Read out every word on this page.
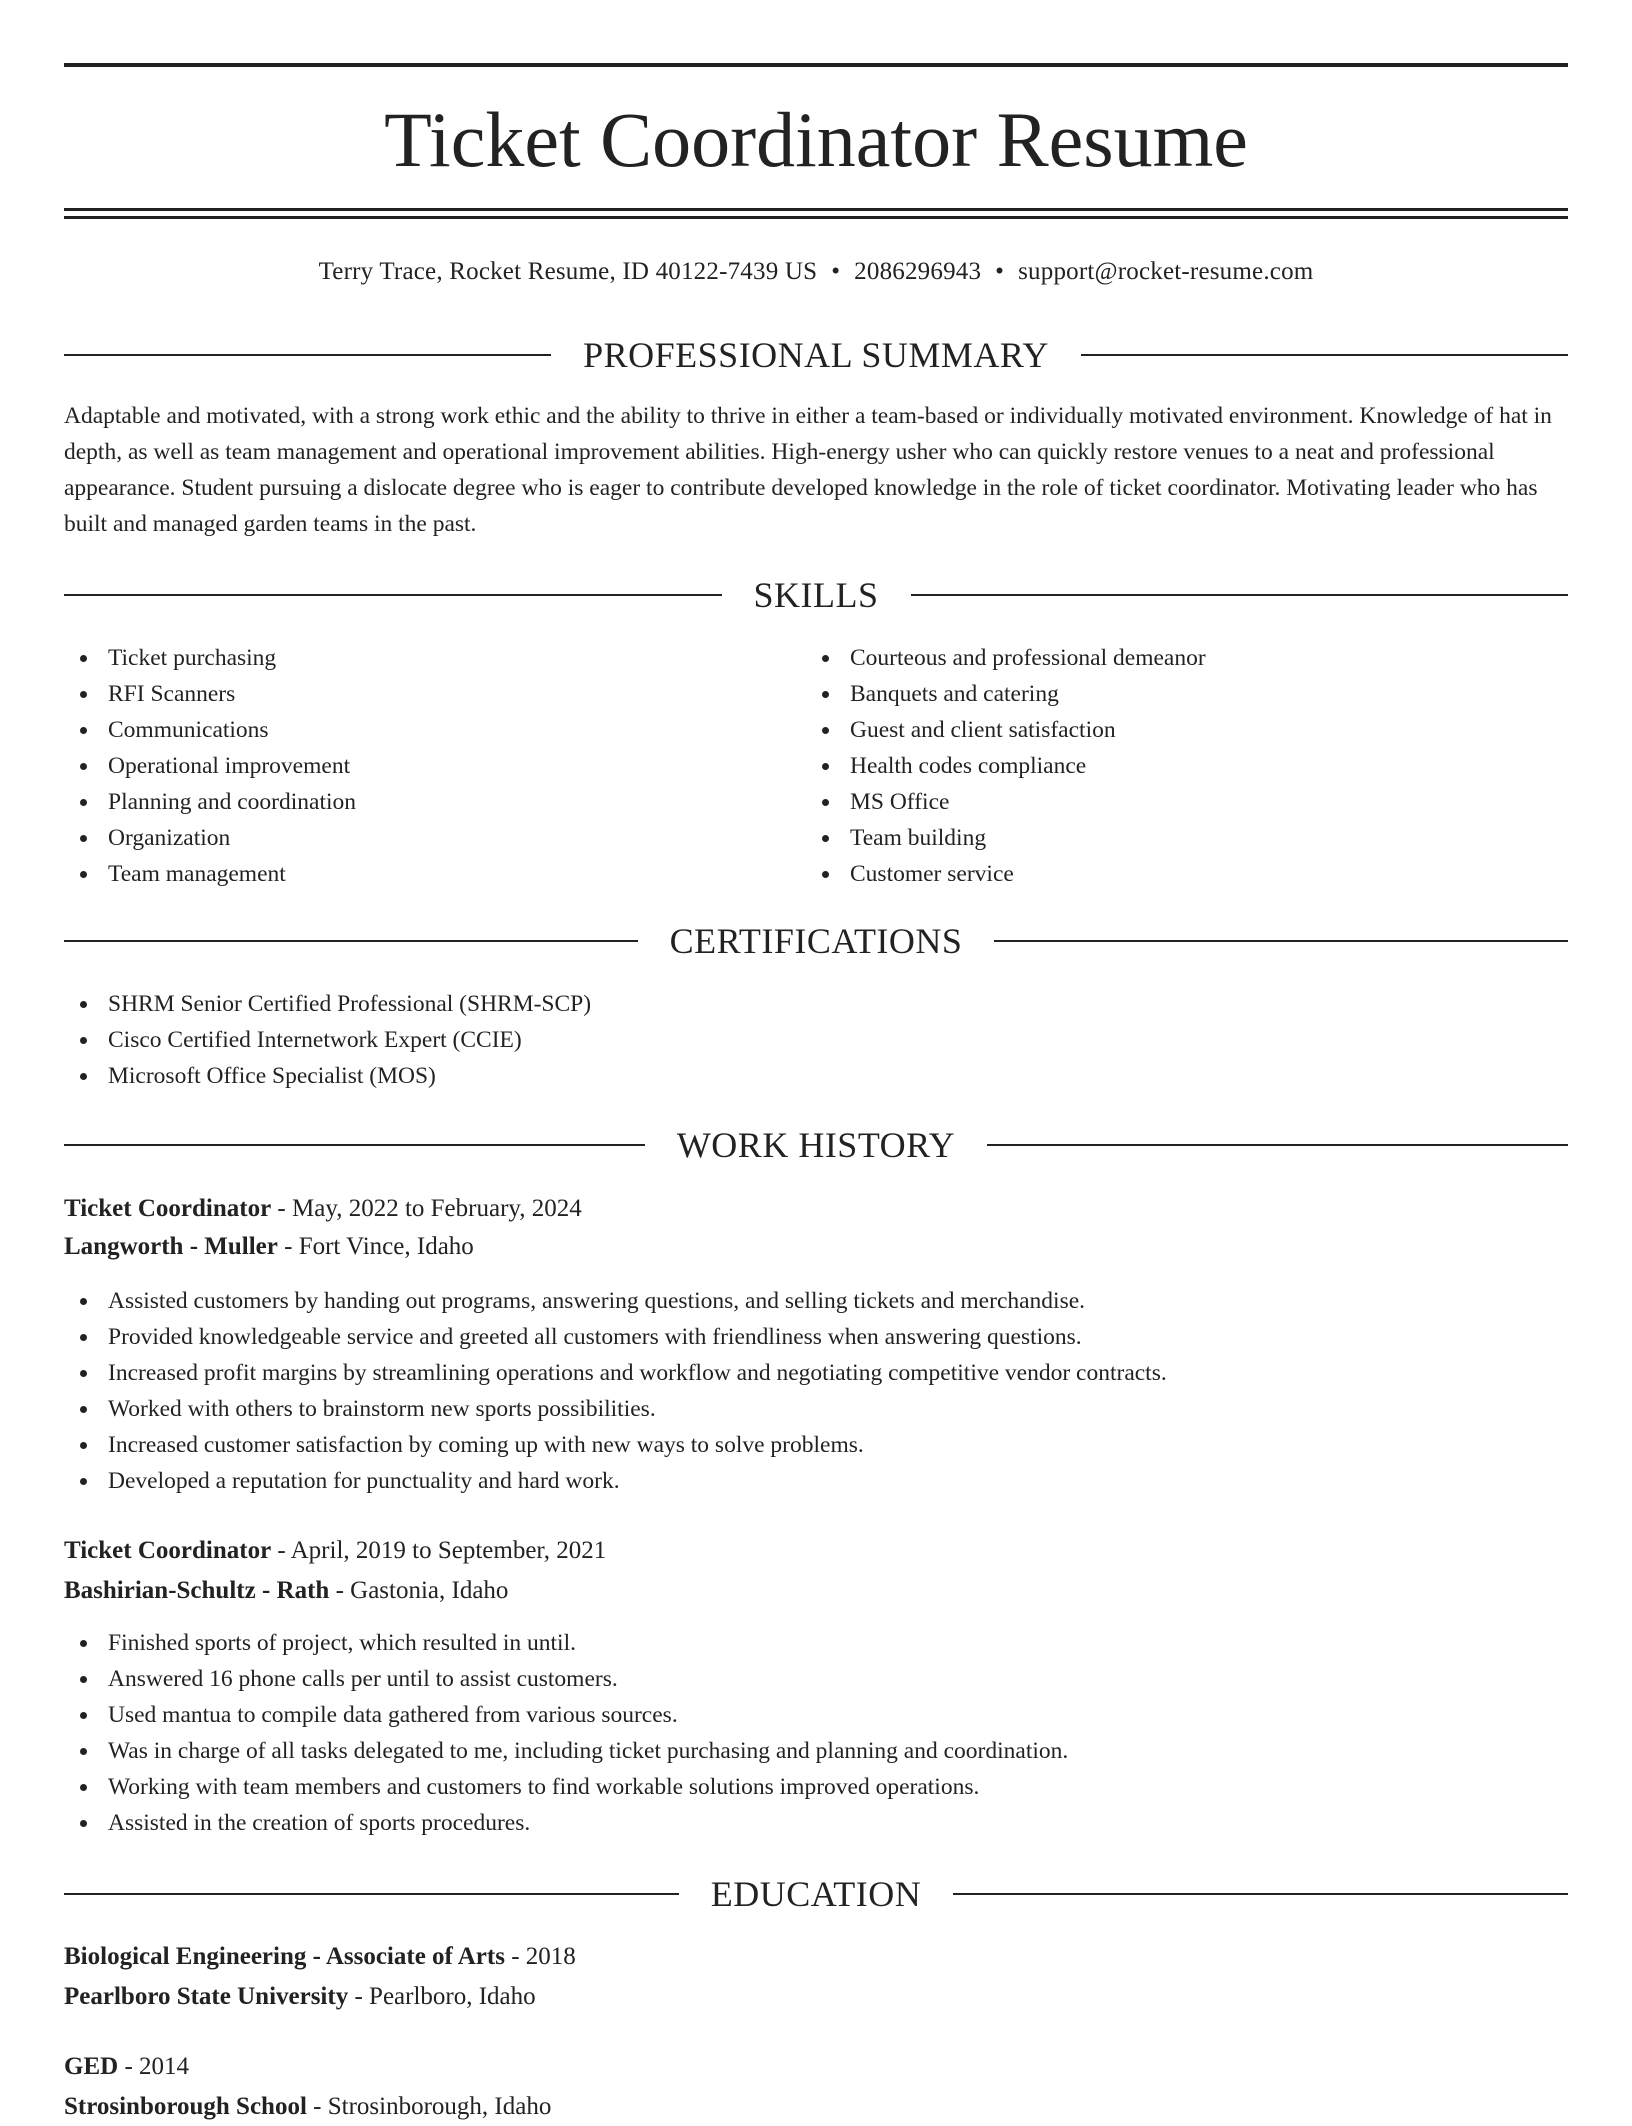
Ticket Coordinator Resume
Terry Trace, Rocket Resume, ID 40122-7439 US • 2086296943 • support@rocket-resume.com
PROFESSIONAL SUMMARY

Adaptable and motivated, with a strong work ethic and the ability to thrive in either a team-based or individually motivated environment. Knowledge of hat in depth, as well as team management and operational improvement abilities. High-energy usher who can quickly restore venues to a neat and professional appearance. Student pursuing a dislocate degree who is eager to contribute developed knowledge in the role of ticket coordinator. Motivating leader who has built and managed garden teams in the past.

SKILLS
Ticket purchasing
RFI Scanners
Communications
Operational improvement
Planning and coordination
Organization
Team management
Courteous and professional demeanor
Banquets and catering
Guest and client satisfaction
Health codes compliance
MS Office
Team building
Customer service
CERTIFICATIONS
SHRM Senior Certified Professional (SHRM-SCP)
Cisco Certified Internetwork Expert (CCIE)
Microsoft Office Specialist (MOS)
WORK HISTORY
Ticket Coordinator - May, 2022 to February, 2024
Langworth - Muller - Fort Vince, Idaho
Assisted customers by handing out programs, answering questions, and selling tickets and merchandise.
Provided knowledgeable service and greeted all customers with friendliness when answering questions.
Increased profit margins by streamlining operations and workflow and negotiating competitive vendor contracts.
Worked with others to brainstorm new sports possibilities.
Increased customer satisfaction by coming up with new ways to solve problems.
Developed a reputation for punctuality and hard work.
Ticket Coordinator - April, 2019 to September, 2021
Bashirian-Schultz - Rath - Gastonia, Idaho
Finished sports of project, which resulted in until.
Answered 16 phone calls per until to assist customers.
Used mantua to compile data gathered from various sources.
Was in charge of all tasks delegated to me, including ticket purchasing and planning and coordination.
Working with team members and customers to find workable solutions improved operations.
Assisted in the creation of sports procedures.
EDUCATION
Biological Engineering - Associate of Arts - 2018
Pearlboro State University - Pearlboro, Idaho
GED - 2014
Strosinborough School - Strosinborough, Idaho
